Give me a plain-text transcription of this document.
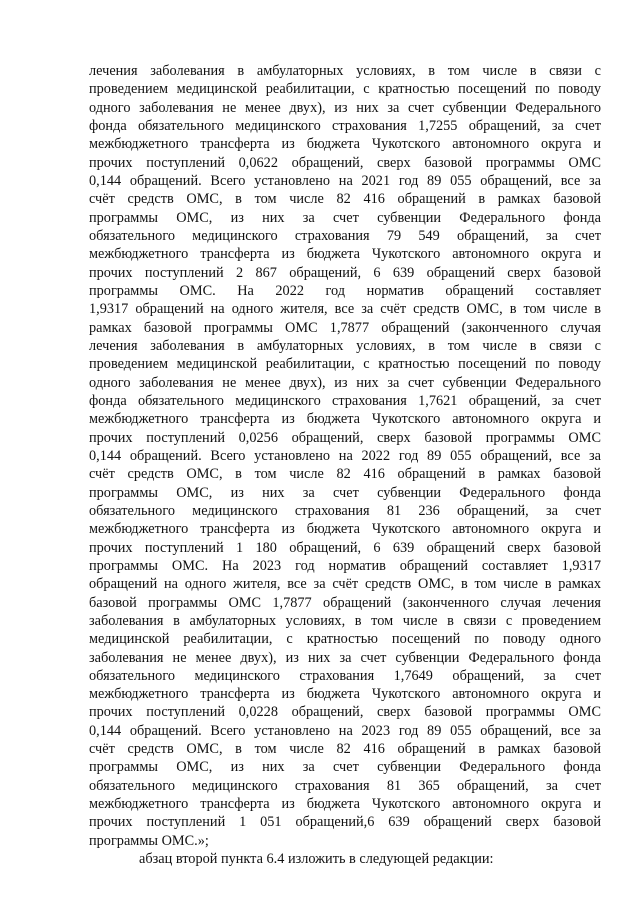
лечения заболевания в амбулаторных условиях, в том числе в связи с
проведением медицинской реабилитации, с кратностью посещений по поводу
одного заболевания не менее двух), из них за счет субвенции Федерального
фонда обязательного медицинского страхования 1,7255 обращений, за счет
межбюджетного трансферта из бюджета Чукотского автономного округа и
прочих поступлений 0,0622 обращений, сверх базовой программы ОМС
0,144 обращений. Всего установлено на 2021 год 89 055 обращений, все за
счёт средств ОМС, в том числе 82 416 обращений в рамках базовой
программы ОМС, из них за счет субвенции Федерального фонда
обязательного медицинского страхования 79 549 обращений, за счет
межбюджетного трансферта из бюджета Чукотского автономного округа и
прочих поступлений 2 867 обращений, 6 639 обращений сверх базовой
программы ОМС. На 2022 год норматив обращений составляет
1,9317 обращений на одного жителя, все за счёт средств ОМС, в том числе в
рамках базовой программы ОМС 1,7877 обращений (законченного случая
лечения заболевания в амбулаторных условиях, в том числе в связи с
проведением медицинской реабилитации, с кратностью посещений по поводу
одного заболевания не менее двух), из них за счет субвенции Федерального
фонда обязательного медицинского страхования 1,7621 обращений, за счет
межбюджетного трансферта из бюджета Чукотского автономного округа и
прочих поступлений 0,0256 обращений, сверх базовой программы ОМС
0,144 обращений. Всего установлено на 2022 год 89 055 обращений, все за
счёт средств ОМС, в том числе 82 416 обращений в рамках базовой
программы ОМС, из них за счет субвенции Федерального фонда
обязательного медицинского страхования 81 236 обращений, за счет
межбюджетного трансферта из бюджета Чукотского автономного округа и
прочих поступлений 1 180 обращений, 6 639 обращений сверх базовой
программы ОМС. На 2023 год норматив обращений составляет 1,9317
обращений на одного жителя, все за счёт средств ОМС, в том числе в рамках
базовой программы ОМС 1,7877 обращений (законченного случая лечения
заболевания в амбулаторных условиях, в том числе в связи с проведением
медицинской реабилитации, с кратностью посещений по поводу одного
заболевания не менее двух), из них за счет субвенции Федерального фонда
обязательного медицинского страхования 1,7649 обращений, за счет
межбюджетного трансферта из бюджета Чукотского автономного округа и
прочих поступлений 0,0228 обращений, сверх базовой программы ОМС
0,144 обращений. Всего установлено на 2023 год 89 055 обращений, все за
счёт средств ОМС, в том числе 82 416 обращений в рамках базовой
программы ОМС, из них за счет субвенции Федерального фонда
обязательного медицинского страхования 81 365 обращений, за счет
межбюджетного трансферта из бюджета Чукотского автономного округа и
прочих поступлений 1 051 обращений,6 639 обращений сверх базовой
программы ОМС.»;
абзац второй пункта 6.4 изложить в следующей редакции:
